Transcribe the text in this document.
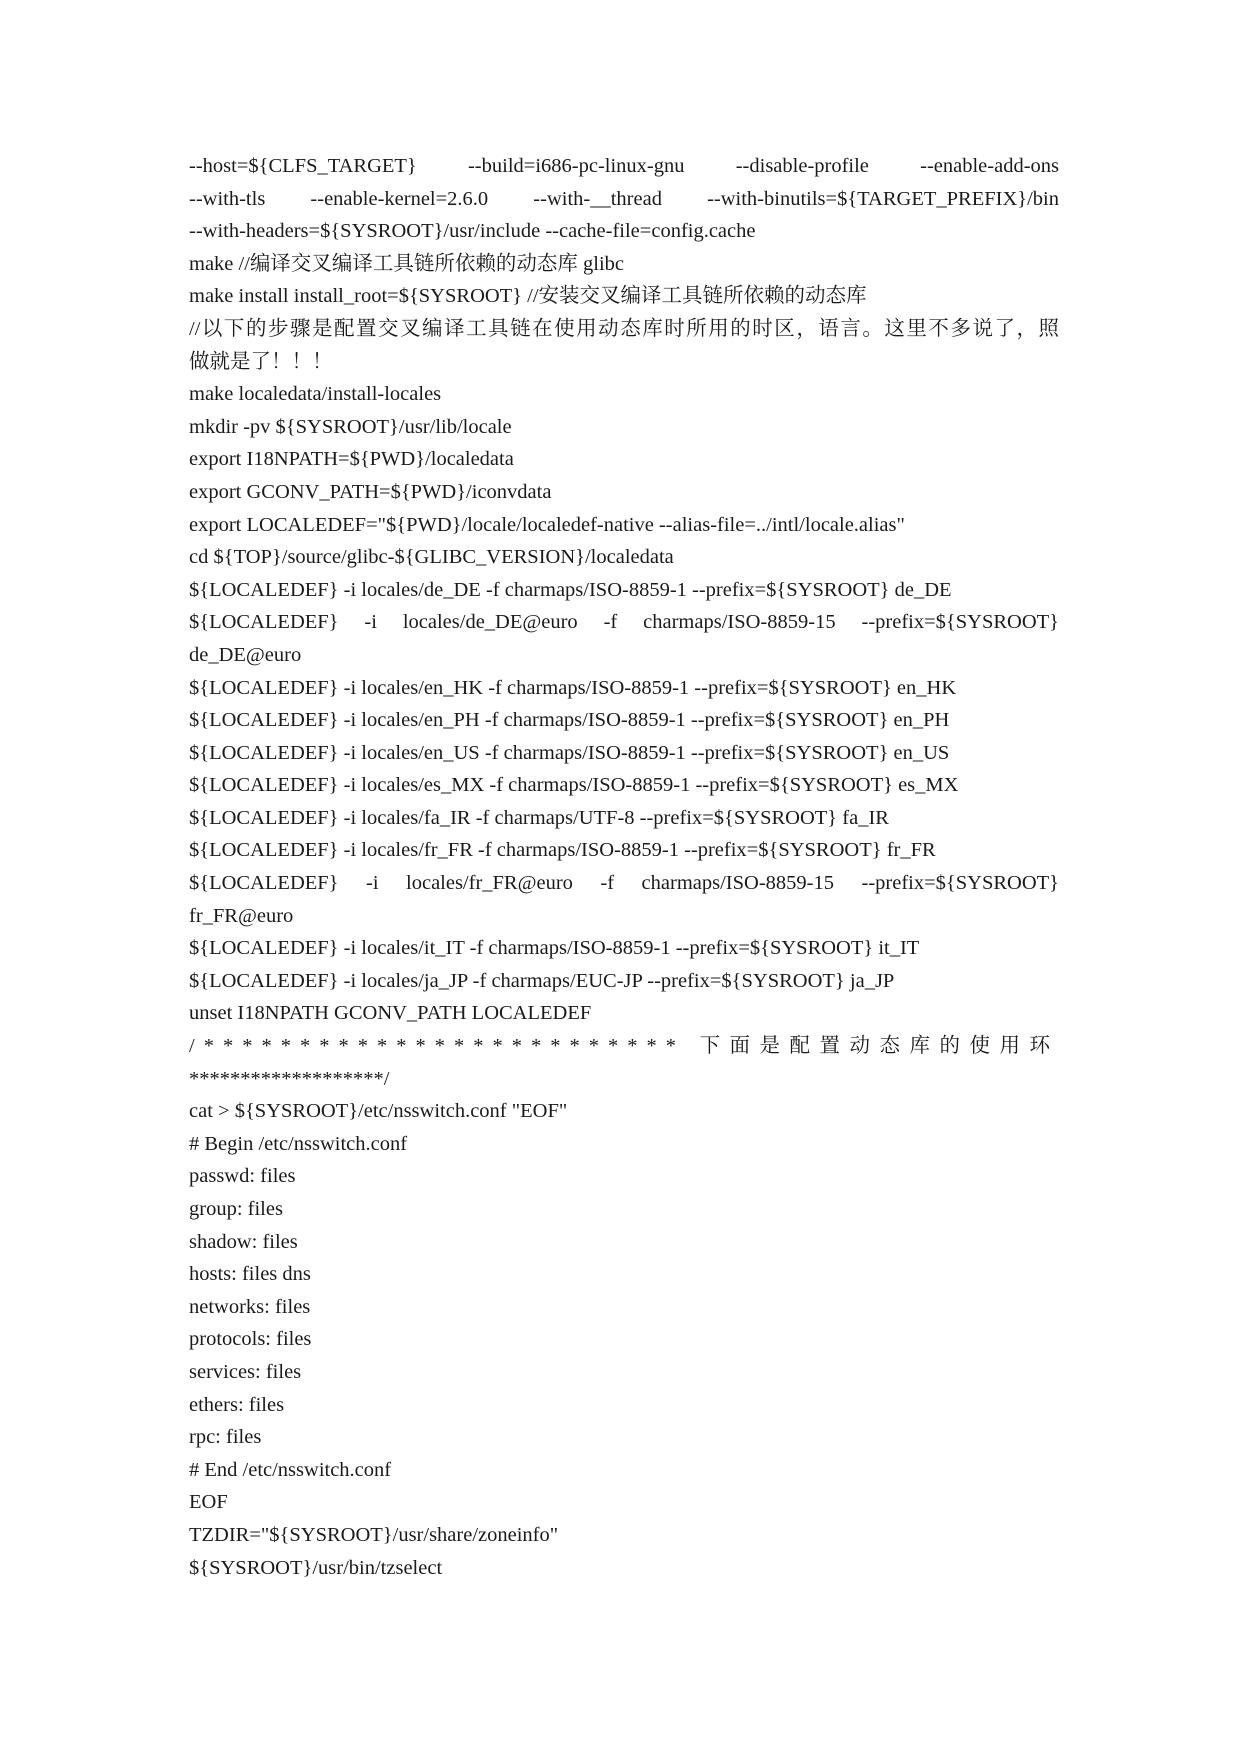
--host=${CLFS_TARGET} --build=i686-pc-linux-gnu --disable-profile --enable-add-ons
--with-tls --enable-kernel=2.6.0 --with-__thread --with-binutils=${TARGET_PREFIX}/bin
--with-headers=${SYSROOT}/usr/include --cache-file=config.cache
make //编译交叉编译工具链所依赖的动态库 glibc
make install install_root=${SYSROOT} //安装交叉编译工具链所依赖的动态库
//以下的步骤是配置交叉编译工具链在使用动态库时所用的时区，语言。这里不多说了，照
做就是了！！！
make localedata/install-locales
mkdir -pv ${SYSROOT}/usr/lib/locale
export I18NPATH=${PWD}/localedata
export GCONV_PATH=${PWD}/iconvdata
export LOCALEDEF="${PWD}/locale/localedef-native --alias-file=../intl/locale.alias"
cd ${TOP}/source/glibc-${GLIBC_VERSION}/localedata
${LOCALEDEF} -i locales/de_DE -f charmaps/ISO-8859-1 --prefix=${SYSROOT} de_DE
${LOCALEDEF} -i locales/de_DE@euro -f charmaps/ISO-8859-15 --prefix=${SYSROOT}
de_DE@euro
${LOCALEDEF} -i locales/en_HK -f charmaps/ISO-8859-1 --prefix=${SYSROOT} en_HK
${LOCALEDEF} -i locales/en_PH -f charmaps/ISO-8859-1 --prefix=${SYSROOT} en_PH
${LOCALEDEF} -i locales/en_US -f charmaps/ISO-8859-1 --prefix=${SYSROOT} en_US
${LOCALEDEF} -i locales/es_MX -f charmaps/ISO-8859-1 --prefix=${SYSROOT} es_MX
${LOCALEDEF} -i locales/fa_IR -f charmaps/UTF-8 --prefix=${SYSROOT} fa_IR
${LOCALEDEF} -i locales/fr_FR -f charmaps/ISO-8859-1 --prefix=${SYSROOT} fr_FR
${LOCALEDEF} -i locales/fr_FR@euro -f charmaps/ISO-8859-15 --prefix=${SYSROOT}
fr_FR@euro
${LOCALEDEF} -i locales/it_IT -f charmaps/ISO-8859-1 --prefix=${SYSROOT} it_IT
${LOCALEDEF} -i locales/ja_JP -f charmaps/EUC-JP --prefix=${SYSROOT} ja_JP
unset I18NPATH GCONV_PATH LOCALEDEF
/************************* 下面是配置动态库的使用环
*******************/
cat > ${SYSROOT}/etc/nsswitch.conf "EOF"
# Begin /etc/nsswitch.conf
passwd: files
group: files
shadow: files
hosts: files dns
networks: files
protocols: files
services: files
ethers: files
rpc: files
# End /etc/nsswitch.conf
EOF
TZDIR="${SYSROOT}/usr/share/zoneinfo"
${SYSROOT}/usr/bin/tzselect
